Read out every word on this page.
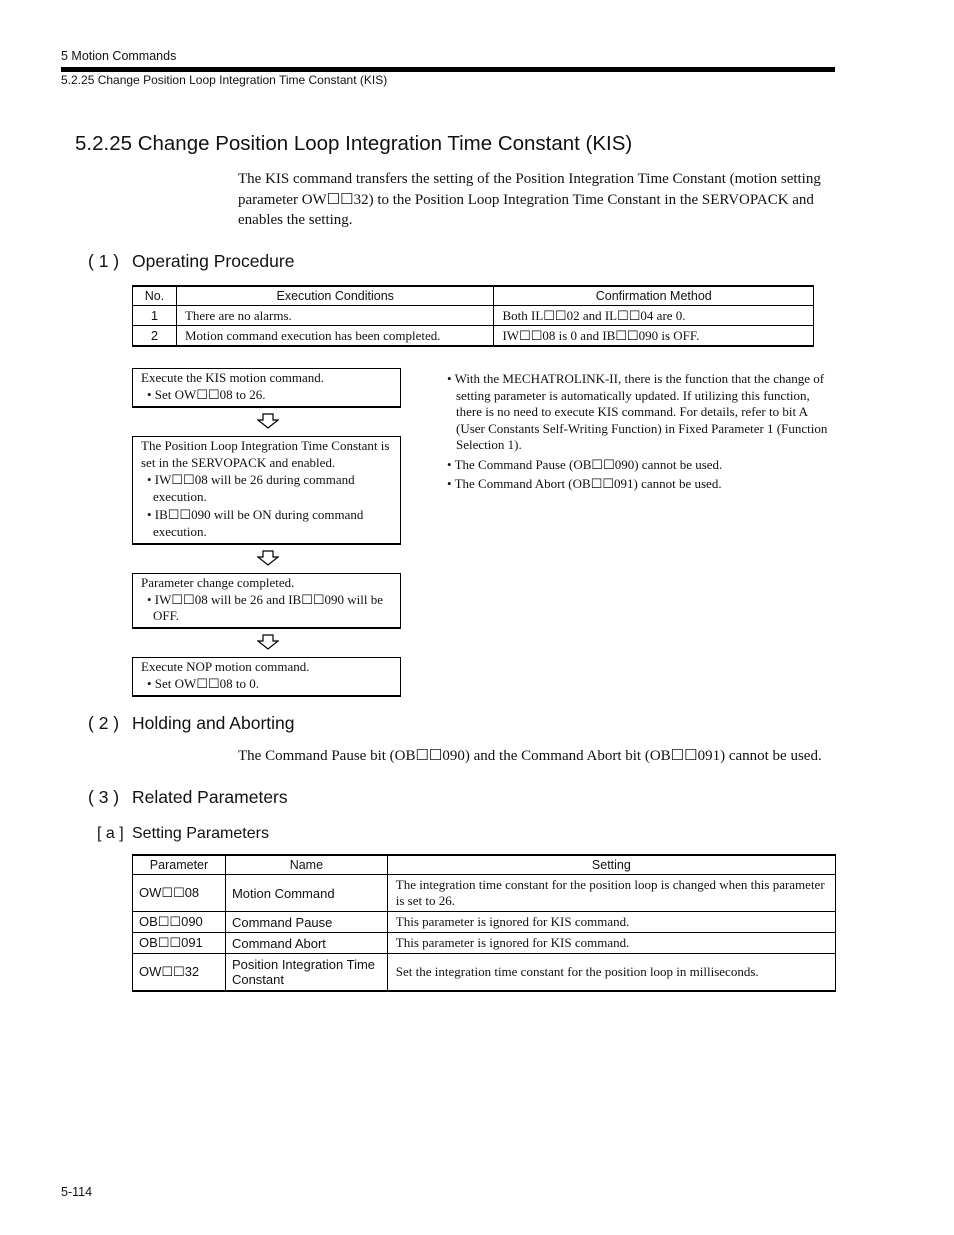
5 Motion Commands
5.2.25 Change Position Loop Integration Time Constant (KIS)
5.2.25 Change Position Loop Integration Time Constant (KIS)
The KIS command transfers the setting of the Position Integration Time Constant (motion setting parameter OW☐☐32) to the Position Loop Integration Time Constant in the SERVOPACK and enables the setting.
( 1 ) Operating Procedure
No.	Execution Conditions	Confirmation Method
1	There are no alarms.	Both IL☐☐02 and IL☐☐04 are 0.
2	Motion command execution has been completed.	IW☐☐08 is 0 and IB☐☐090 is OFF.
Execute the KIS motion command.
• Set OW☐☐08 to 26.
The Position Loop Integration Time Constant is set in the SERVOPACK and enabled.
• IW☐☐08 will be 26 during command execution.
• IB☐☐090 will be ON during command execution.
Parameter change completed.
• IW☐☐08 will be 26 and IB☐☐090 will be OFF.
Execute NOP motion command.
• Set OW☐☐08 to 0.
• With the MECHATROLINK-II, there is the function that the change of setting parameter is automatically updated. If utilizing this function, there is no need to execute KIS command. For details, refer to bit A (User Constants Self-Writing Function) in Fixed Parameter 1 (Function Selection 1).
• The Command Pause (OB☐☐090) cannot be used.
• The Command Abort (OB☐☐091) cannot be used.
( 2 ) Holding and Aborting
The Command Pause bit (OB☐☐090) and the Command Abort bit (OB☐☐091) cannot be used.
( 3 ) Related Parameters
[ a ] Setting Parameters
Parameter	Name	Setting
OW☐☐08	Motion Command	The integration time constant for the position loop is changed when this parameter is set to 26.
OB☐☐090	Command Pause	This parameter is ignored for KIS command.
OB☐☐091	Command Abort	This parameter is ignored for KIS command.
OW☐☐32	Position Integration Time Constant	Set the integration time constant for the position loop in milliseconds.
5-114
